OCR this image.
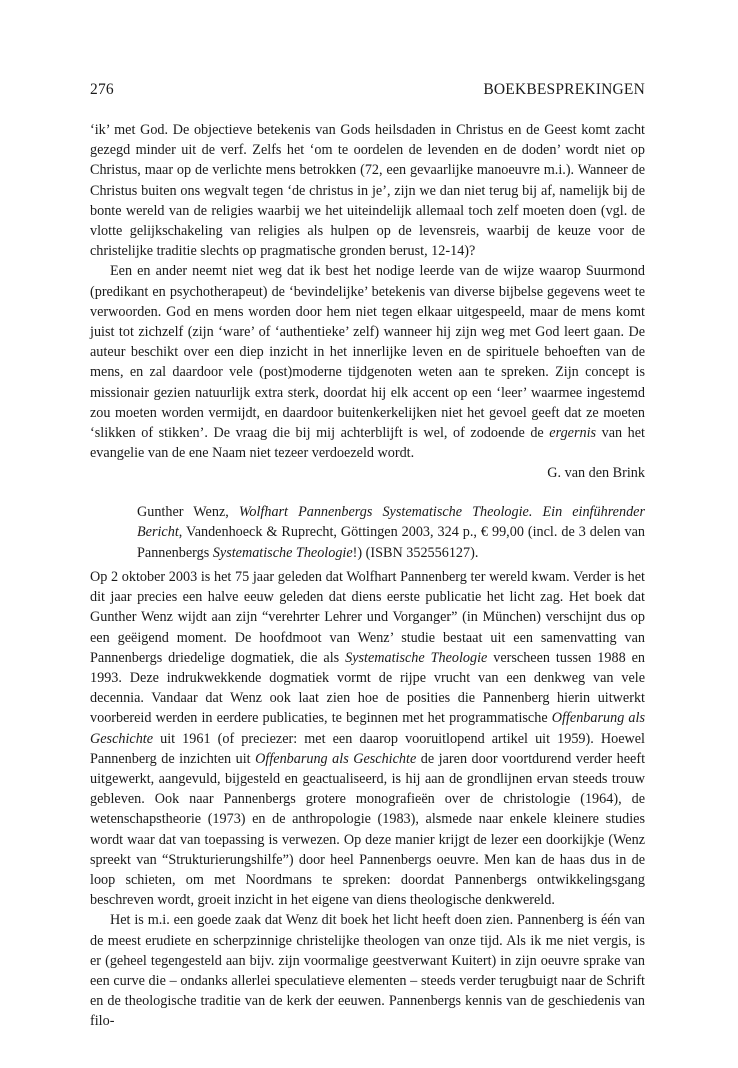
276	BOEKBESPREKINGEN

‘ik’ met God. De objectieve betekenis van Gods heilsdaden in Christus en de Geest komt zacht gezegd minder uit de verf. Zelfs het ‘om te oordelen de levenden en de doden’ wordt niet op Christus, maar op de verlichte mens betrokken (72, een gevaarlijke manoeuvre m.i.). Wanneer de Christus buiten ons wegvalt tegen ‘de christus in je’, zijn we dan niet terug bij af, namelijk bij de bonte wereld van de religies waarbij we het uiteindelijk allemaal toch zelf moeten doen (vgl. de vlotte gelijkschakeling van religies als hulpen op de levensreis, waarbij de keuze voor de christelijke traditie slechts op pragmatische gronden berust, 12-14)?

Een en ander neemt niet weg dat ik best het nodige leerde van de wijze waarop Suurmond (predikant en psychotherapeut) de ‘bevindelijke’ betekenis van diverse bijbelse gegevens weet te verwoorden. God en mens worden door hem niet tegen elkaar uitgespeeld, maar de mens komt juist tot zichzelf (zijn ‘ware’ of ‘authentieke’ zelf) wanneer hij zijn weg met God leert gaan. De auteur beschikt over een diep inzicht in het innerlijke leven en de spirituele behoeften van de mens, en zal daardoor vele (post)moderne tijdgenoten weten aan te spreken. Zijn concept is missionair gezien natuurlijk extra sterk, doordat hij elk accent op een ‘leer’ waarmee ingestemd zou moeten worden vermijdt, en daardoor buitenkerkelijken niet het gevoel geeft dat ze moeten ‘slikken of stikken’. De vraag die bij mij achterblijft is wel, of zodoende de ergernis van het evangelie van de ene Naam niet tezeer verdoezeld wordt.

G. van den Brink

Gunther Wenz, Wolfhart Pannenbergs Systematische Theologie. Ein einführender Bericht, Vandenhoeck & Ruprecht, Göttingen 2003, 324 p., € 99,00 (incl. de 3 delen van Pannenbergs Systematische Theologie!) (ISBN 352556127).

Op 2 oktober 2003 is het 75 jaar geleden dat Wolfhart Pannenberg ter wereld kwam. Verder is het dit jaar precies een halve eeuw geleden dat diens eerste publicatie het licht zag. Het boek dat Gunther Wenz wijdt aan zijn “verehrter Lehrer und Vorganger” (in München) verschijnt dus op een geëigend moment. De hoofdmoot van Wenz’ studie bestaat uit een samenvatting van Pannenbergs driedelige dogmatiek, die als Systematische Theologie verscheen tussen 1988 en 1993. Deze indrukwekkende dogmatiek vormt de rijpe vrucht van een denkweg van vele decennia. Vandaar dat Wenz ook laat zien hoe de posities die Pannenberg hierin uitwerkt voorbereid werden in eerdere publicaties, te beginnen met het programmatische Offenbarung als Geschichte uit 1961 (of preciezer: met een daarop vooruitlopend artikel uit 1959). Hoewel Pannenberg de inzichten uit Offenbarung als Geschichte de jaren door voortdurend verder heeft uitgewerkt, aangevuld, bijgesteld en geactualiseerd, is hij aan de grondlijnen ervan steeds trouw gebleven. Ook naar Pannenbergs grotere monografieën over de christologie (1964), de wetenschapstheorie (1973) en de anthropologie (1983), alsmede naar enkele kleinere studies wordt waar dat van toepassing is verwezen. Op deze manier krijgt de lezer een doorkijkje (Wenz spreekt van “Strukturierungshilfe”) door heel Pannenbergs oeuvre. Men kan de haas dus in de loop schieten, om met Noordmans te spreken: doordat Pannenbergs ontwikkelingsgang beschreven wordt, groeit inzicht in het eigene van diens theologische denkwereld.

Het is m.i. een goede zaak dat Wenz dit boek het licht heeft doen zien. Pannenberg is één van de meest erudiete en scherpzinnige christelijke theologen van onze tijd. Als ik me niet vergis, is er (geheel tegengesteld aan bijv. zijn voormalige geestverwant Kuitert) in zijn oeuvre sprake van een curve die – ondanks allerlei speculatieve elementen – steeds verder terugbuigt naar de Schrift en de theologische traditie van de kerk der eeuwen. Pannenbergs kennis van de geschiedenis van filo-
